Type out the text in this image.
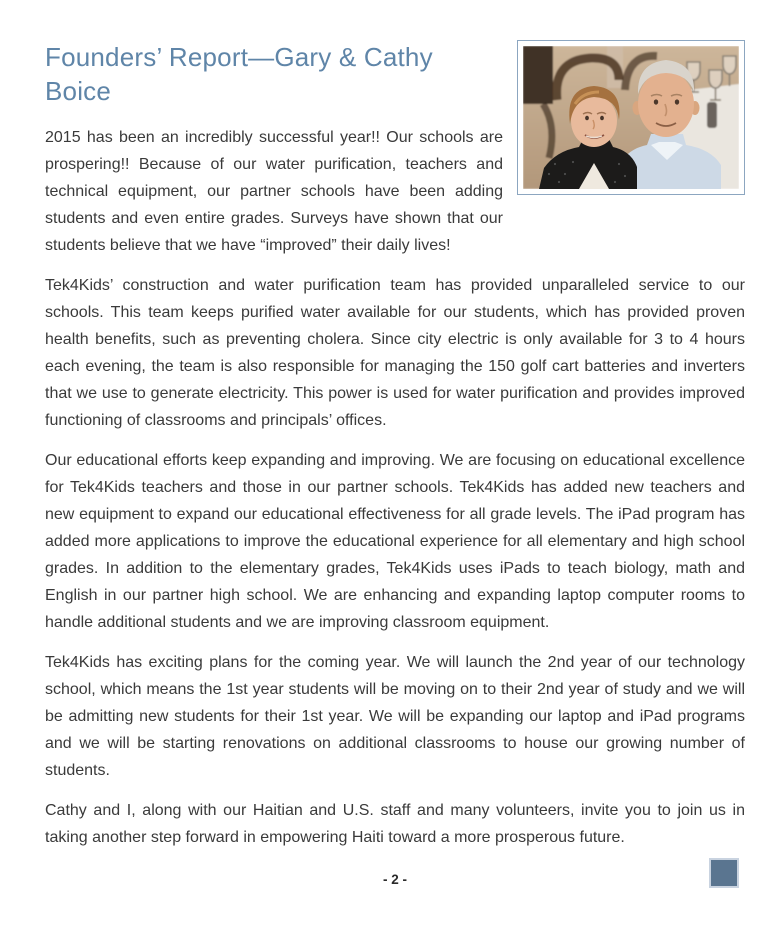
Founders’ Report—Gary & Cathy Boice

2015 has been an incredibly successful year!! Our schools are prospering!! Because of our water purification, teachers and technical equipment, our partner schools have been adding students and even entire grades. Surveys have shown that our students believe that we have “improved” their daily lives!

Tek4Kids’ construction and water purification team has provided unparalleled service to our schools. This team keeps purified water available for our students, which has provided proven health benefits, such as preventing cholera. Since city electric is only available for 3 to 4 hours each evening, the team is also responsible for managing the 150 golf cart batteries and inverters that we use to generate electricity. This power is used for water purification and provides improved functioning of classrooms and principals’ offices.

Our educational efforts keep expanding and improving. We are focusing on educational excellence for Tek4Kids teachers and those in our partner schools. Tek4Kids has added new teachers and new equipment to expand our educational effectiveness for all grade levels. The iPad program has added more applications to improve the educational experience for all elementary and high school grades. In addition to the elementary grades, Tek4Kids uses iPads to teach biology, math and English in our partner high school. We are enhancing and expanding laptop computer rooms to handle additional students and we are improving classroom equipment.

Tek4Kids has exciting plans for the coming year. We will launch the 2nd year of our technology school, which means the 1st year students will be moving on to their 2nd year of study and we will be admitting new students for their 1st year. We will be expanding our laptop and iPad programs and we will be starting renovations on additional classrooms to house our growing number of students.

Cathy and I, along with our Haitian and U.S. staff and many volunteers, invite you to join us in taking another step forward in empowering Haiti toward a more prosperous future.

- 2 -
